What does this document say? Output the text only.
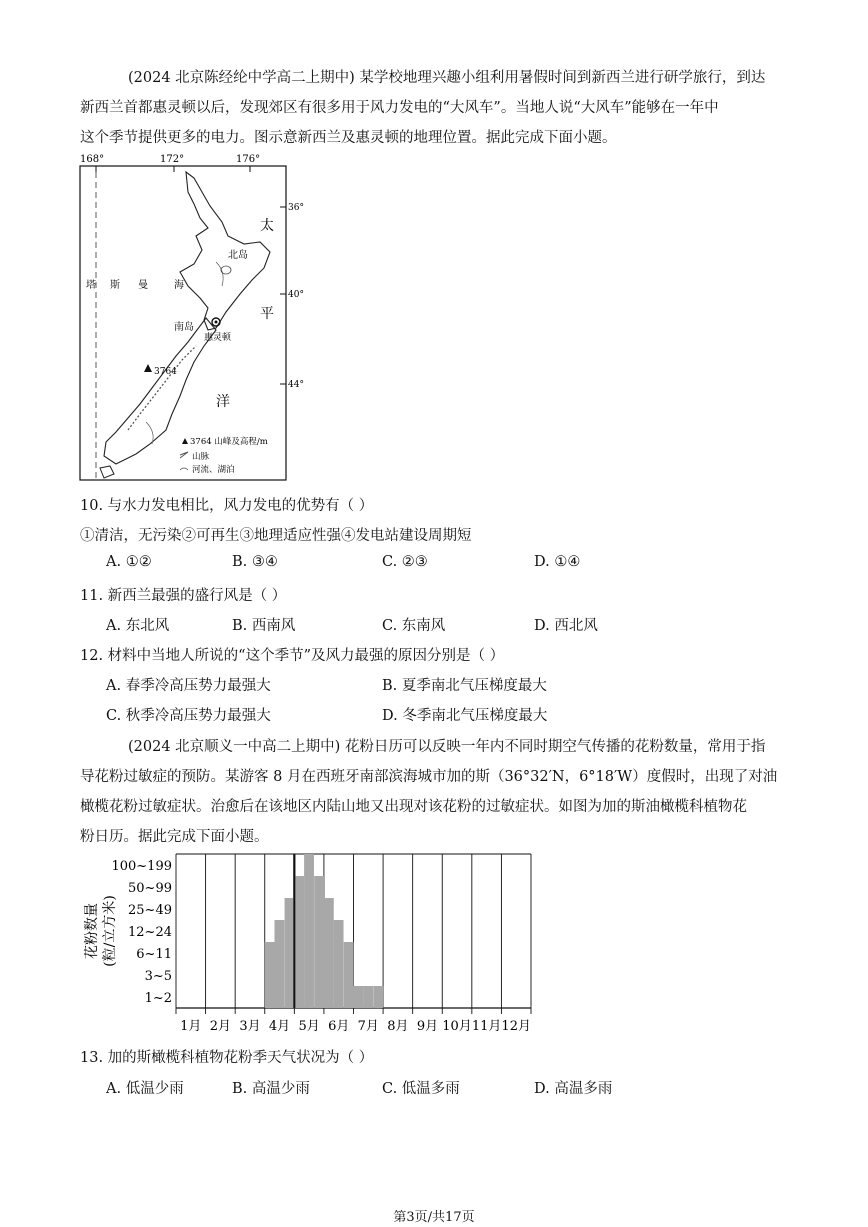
(2024 北京陈经纶中学高二上期中) 某学校地理兴趣小组利用暑假时间到新西兰进行研学旅行，到达
新西兰首都惠灵顿以后，发现郊区有很多用于风力发电的“大风车”。当地人说“大风车”能够在一年中
这个季节提供更多的电力。图示意新西兰及惠灵顿的地理位置。据此完成下面小题。
168°	172°	176°
36°
40°
44°
塔 斯 曼	海
太
平
洋
北岛
南岛
惠灵顿
3764
3764 山峰及高程/m
山脉
河流、湖泊
10. 与水力发电相比，风力发电的优势有（ ）
①清洁，无污染②可再生③地理适应性强④发电站建设周期短
A. ①②	B. ③④	C. ②③	D. ①④
11. 新西兰最强的盛行风是（ ）
A. 东北风	B. 西南风	C. 东南风	D. 西北风
12. 材料中当地人所说的“这个季节”及风力最强的原因分别是（ ）
A. 春季冷高压势力最强大	B. 夏季南北气压梯度最大
C. 秋季冷高压势力最强大	D. 冬季南北气压梯度最大
(2024 北京顺义一中高二上期中) 花粉日历可以反映一年内不同时期空气传播的花粉数量，常用于指
导花粉过敏症的预防。某游客 8 月在西班牙南部滨海城市加的斯（36°32′N，6°18′W）度假时，出现了对油
橄榄花粉过敏症状。治愈后在该地区内陆山地又出现对该花粉的过敏症状。如图为加的斯油橄榄科植物花
粉日历。据此完成下面小题。
1~2
3~5
6~11
12~24
25~49
50~99
100~199
1月 2月 3月 4月 5月 6月 7月 8月 9月 10月 11月 12月
花粉数量 (粒/立方米)
13. 加的斯橄榄科植物花粉季天气状况为（ ）
A. 低温少雨	B. 高温少雨	C. 低温多雨	D. 高温多雨
第3页/共17页
